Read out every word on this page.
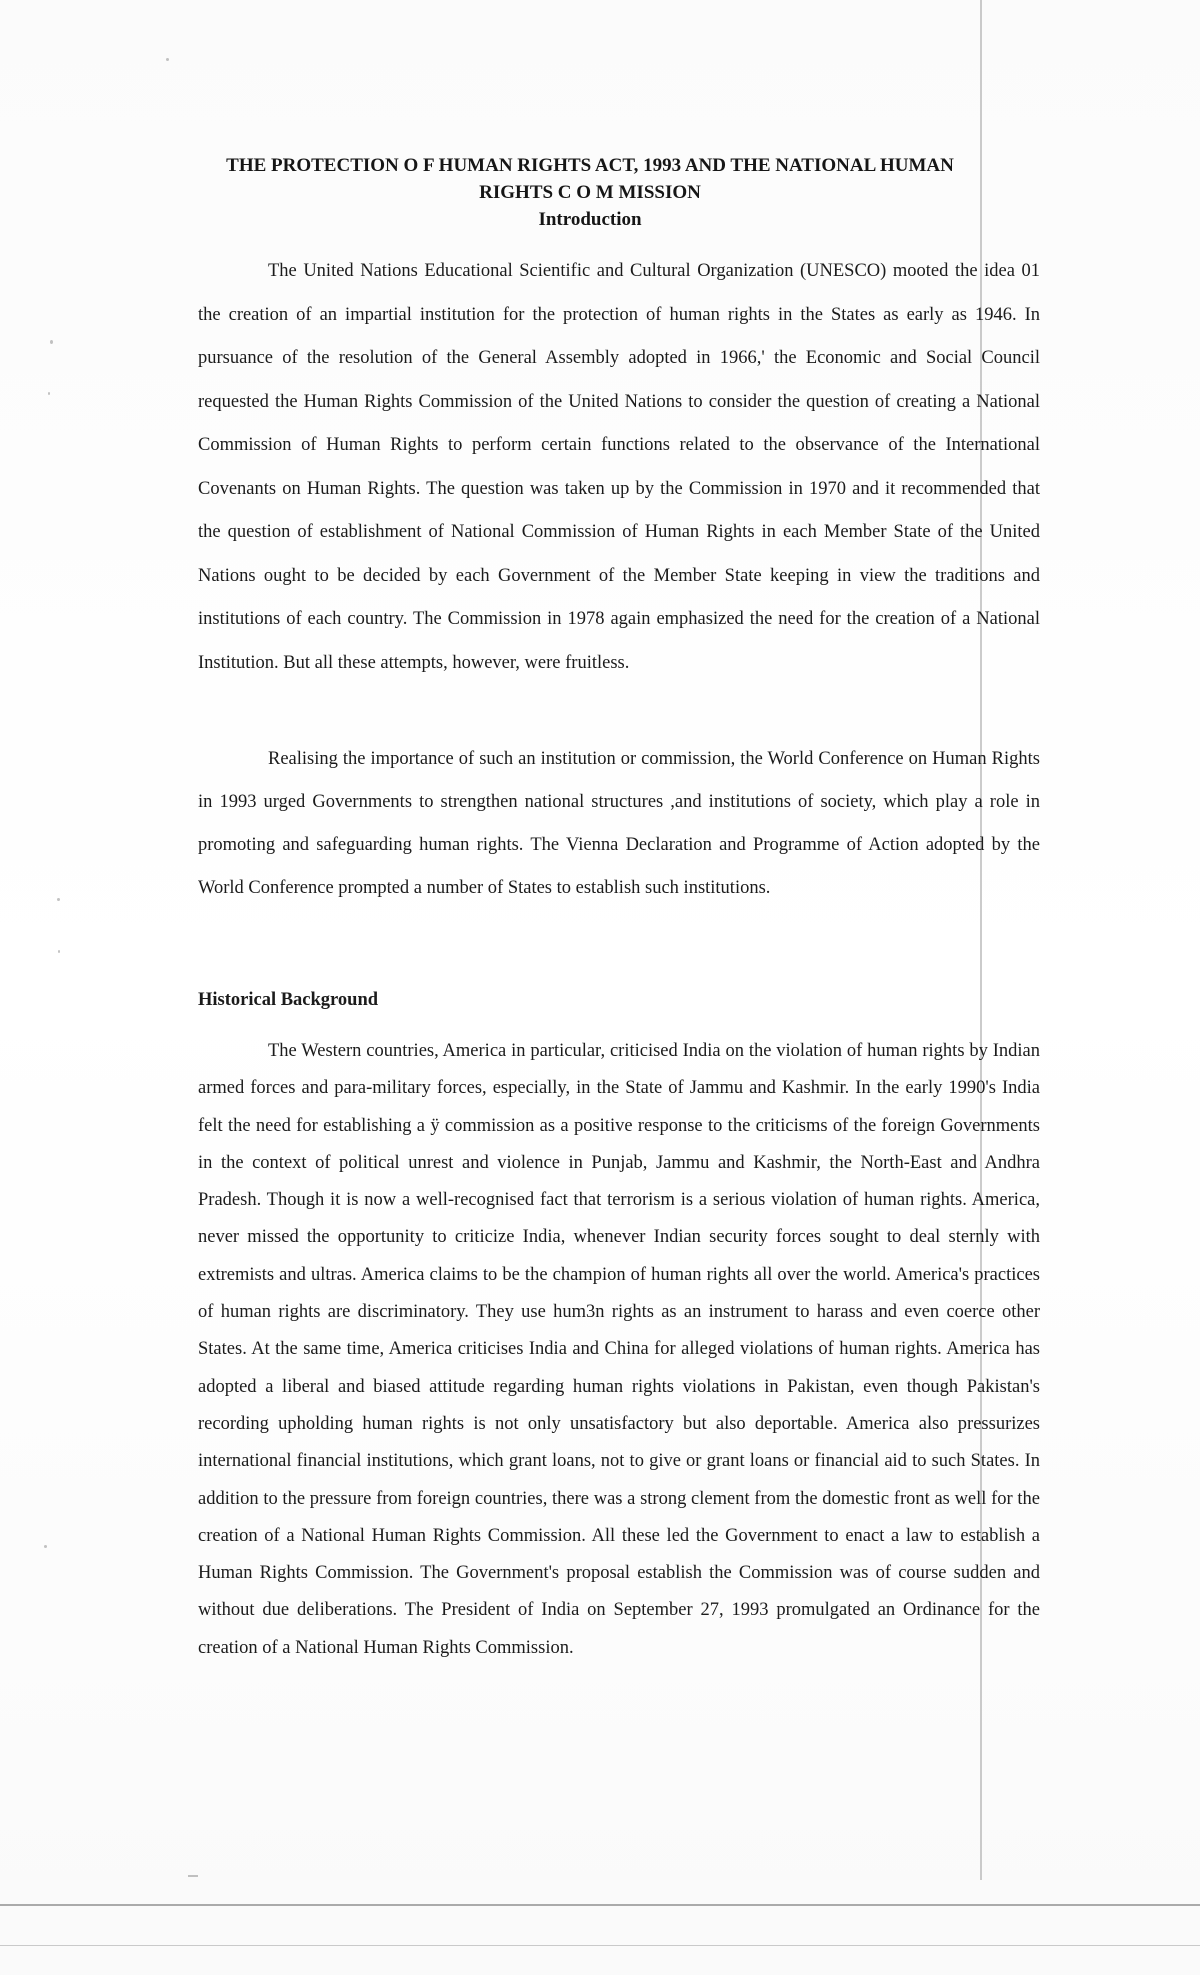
THE PROTECTION O F HUMAN RIGHTS ACT, 1993 AND THE NATIONAL HUMAN
RIGHTS C O M MISSION
Introduction

The United Nations Educational Scientific and Cultural Organization (UNESCO) mooted the idea 01 the creation of an impartial institution for the protection of human rights in the States as early as 1946. In pursuance of the resolution of the General Assembly adopted in 1966,' the Economic and Social Council requested the Human Rights Commission of the United Nations to consider the question of creating a National Commission of Human Rights to perform certain functions related to the observance of the International Covenants on Human Rights. The question was taken up by the Commission in 1970 and it recommended that the question of establishment of National Commission of Human Rights in each Member State of the United Nations ought to be decided by each Government of the Member State keeping in view the traditions and institutions of each country. The Commission in 1978 again emphasized the need for the creation of a National Institution. But all these attempts, however, were fruitless.

Realising the importance of such an institution or commission, the World Conference on Human Rights in 1993 urged Governments to strengthen national structures ,and institutions of society, which play a role in promoting and safeguarding human rights. The Vienna Declaration and Programme of Action adopted by the World Conference prompted a number of States to establish such institutions.

Historical Background

The Western countries, America in particular, criticised India on the violation of human rights by Indian armed forces and para-military forces, especially, in the State of Jammu and Kashmir. In the early 1990's India felt the need for establishing a ÿ commission as a positive response to the criticisms of the foreign Governments in the context of political unrest and violence in Punjab, Jammu and Kashmir, the North-East and Andhra Pradesh. Though it is now a well-recognised fact that terrorism is a serious violation of human rights. America, never missed the opportunity to criticize India, whenever Indian security forces sought to deal sternly with extremists and ultras. America claims to be the champion of human rights all over the world. America's practices of human rights are discriminatory. They use hum3n rights as an instrument to harass and even coerce other States. At the same time, America criticises India and China for alleged violations of human rights. America has adopted a liberal and biased attitude regarding human rights violations in Pakistan, even though Pakistan's recording upholding human rights is not only unsatisfactory but also deportable. America also pressurizes international financial institutions, which grant loans, not to give or grant loans or financial aid to such States. In addition to the pressure from foreign countries, there was a strong clement from the domestic front as well for the creation of a National Human Rights Commission. All these led the Government to enact a law to establish a Human Rights Commission. The Government's proposal establish the Commission was of course sudden and without due deliberations. The President of India on September 27, 1993 promulgated an Ordinance for the creation of a National Human Rights Commission.
